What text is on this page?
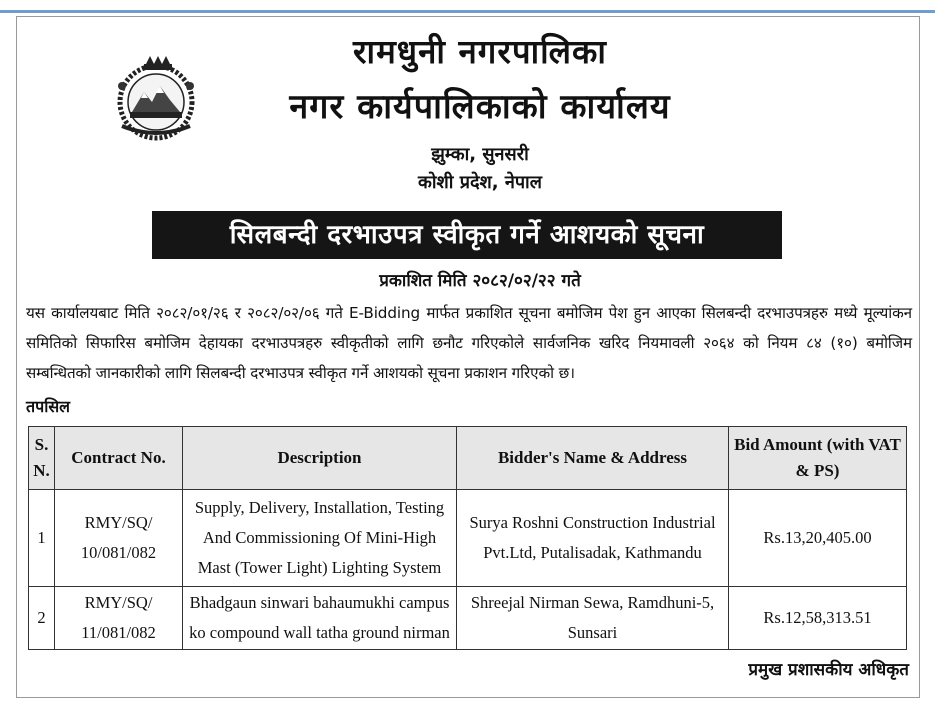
रामधुनी नगरपालिका
नगर कार्यपालिकाको कार्यालय
झुम्का, सुनसरी
कोशी प्रदेश, नेपाल
सिलबन्दी दरभाउपत्र स्वीकृत गर्ने आशयको सूचना
प्रकाशित मिति २०८२/०२/२२ गते
यस कार्यालयबाट मिति २०८२/०१/२६ र २०८२/०२/०६ गते E-Bidding मार्फत प्रकाशित सूचना बमोजिम पेश हुन आएका सिलबन्दी दरभाउपत्रहरु मध्ये मूल्यांकन समितिको सिफारिस बमोजिम देहायका दरभाउपत्रहरु स्वीकृतीको लागि छनौट गरिएकोले सार्वजनिक खरिद नियमावली २०६४ को नियम ८४ (१०) बमोजिम सम्बन्धितको जानकारीको लागि सिलबन्दी दरभाउपत्र स्वीकृत गर्ने आशयको सूचना प्रकाशन गरिएको छ।
तपसिल
S. N.	Contract No.	Description	Bidder's Name & Address	Bid Amount (with VAT & PS)
1	RMY/SQ/ 10/081/082	Supply, Delivery, Installation, Testing And Commissioning Of Mini-High Mast (Tower Light) Lighting System	Surya Roshni Construction Industrial Pvt.Ltd, Putalisadak, Kathmandu	Rs.13,20,405.00
2	RMY/SQ/ 11/081/082	Bhadgaun sinwari bahaumukhi campus ko compound wall tatha ground nirman	Shreejal Nirman Sewa, Ramdhuni-5, Sunsari	Rs.12,58,313.51
प्रमुख प्रशासकीय अधिकृत
